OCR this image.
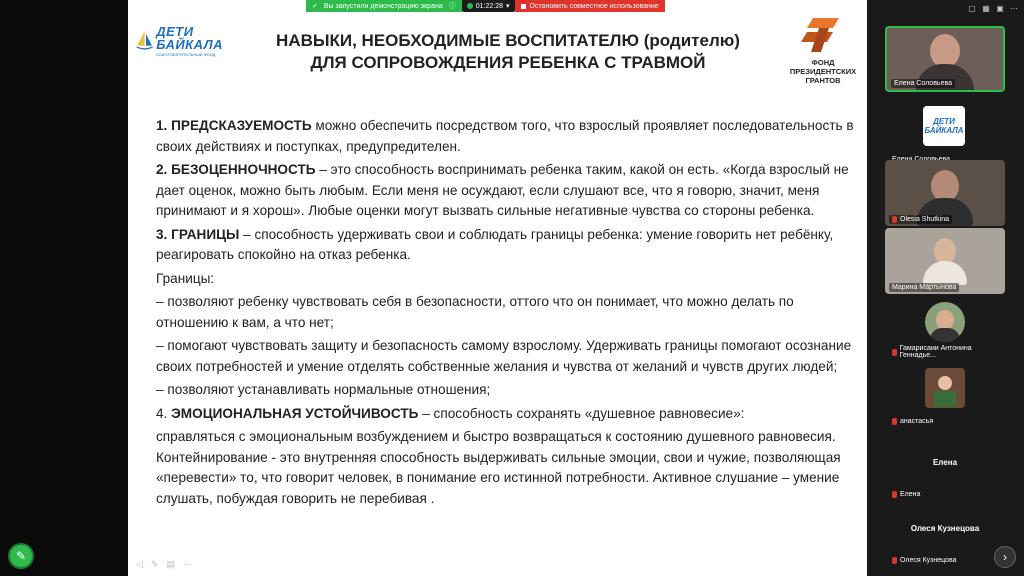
ДЕТИ БАЙКАЛА
БЛАГОТВОРИТЕЛЬНЫЙ ФОНД
НАВЫКИ, НЕОБХОДИМЫЕ ВОСПИТАТЕЛЮ (родителю)
ДЛЯ СОПРОВОЖДЕНИЯ РЕБЕНКА С ТРАВМОЙ	ФОНД
ПРЕЗИДЕНТСКИХ
ГРАНТОВ

1. ПРЕДСКАЗУЕМОСТЬ можно обеспечить посредством того, что взрослый проявляет последовательность в своих действиях и поступках, предупредителен.

2. БЕЗОЦЕННОЧНОСТЬ – это способность воспринимать ребенка таким, какой он есть. «Когда взрослый не дает оценок, можно быть любым. Если меня не осуждают, если слушают все, что я говорю, значит, меня принимают и я хорош». Любые оценки могут вызвать сильные негативные чувства со стороны ребенка.

3. ГРАНИЦЫ – способность удерживать свои и соблюдать границы ребенка: умение говорить нет ребёнку, реагировать спокойно на отказ ребенка.

Границы:

– позволяют ребенку чувствовать себя в безопасности, оттого что он понимает, что можно делать по отношению к вам, а что нет;

– помогают чувствовать защиту и безопасность самому взрослому. Удерживать границы помогают осознание своих потребностей и умение отделять собственные желания и чувства от желаний и чувств других людей;

– позволяют устанавливать нормальные отношения;

4. ЭМОЦИОНАЛЬНАЯ УСТОЙЧИВОСТЬ – способность сохранять «душевное равновесие»:

справляться с эмоциональным возбуждением и быстро возвращаться к состоянию душевного равновесия. Контейнирование - это внутренняя способность выдерживать сильные эмоции, свои и чужие, позволяющая «перевести» то, что говорит человек, в понимание его истинной потребности. Активное слушание – умение слушать, побуждая говорить не перебивая .

◁ ✎ ▤ ⋯
✓ Вы запустили демонстрацию экрана ⓘ	01:22:28 ▾	Остановить совместное использование	▢ ▦ ▣ ⋯
Елена Соловьева
ДЕТИ БАЙКАЛА
Olesia Shutkina
Марина Мартынова
Гамарисаии Антонина Геннадье...
анастасья
Елена
Елена
Олеся Кузнецова
Олеся Кузнецова
✎	›
